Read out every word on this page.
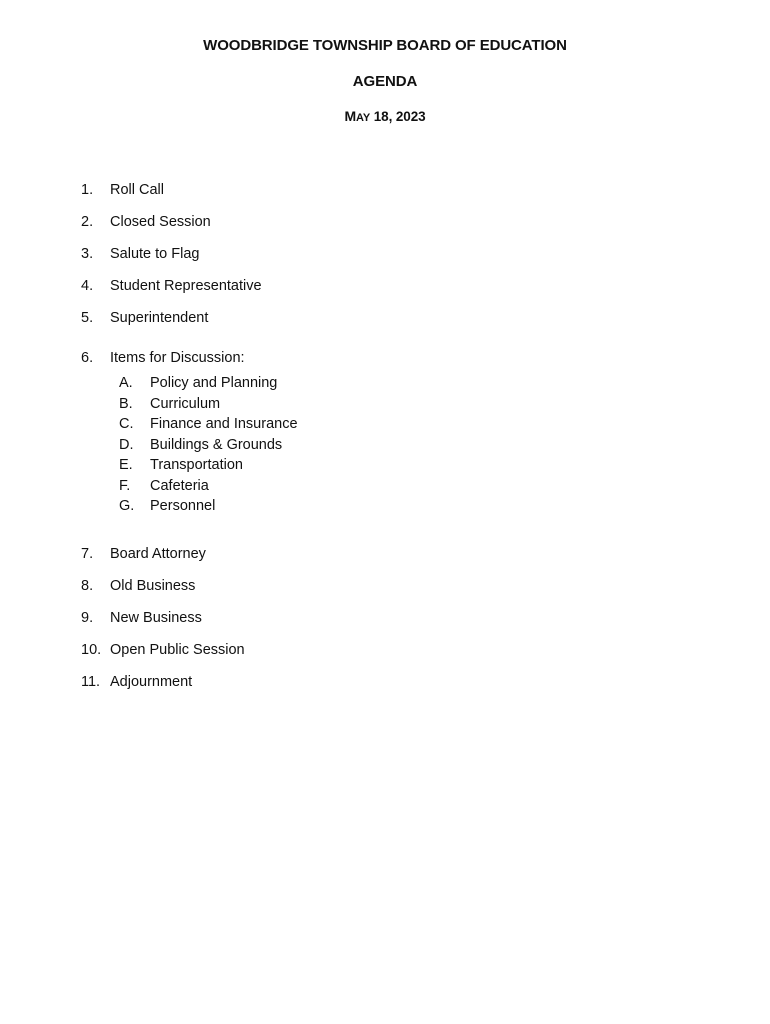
WOODBRIDGE TOWNSHIP BOARD OF EDUCATION
AGENDA
MAY 18, 2023
1. Roll Call
2. Closed Session
3. Salute to Flag
4. Student Representative
5. Superintendent
6. Items for Discussion:
A. Policy and Planning
B. Curriculum
C. Finance and Insurance
D. Buildings & Grounds
E. Transportation
F. Cafeteria
G. Personnel
7. Board Attorney
8. Old Business
9. New Business
10. Open Public Session
11. Adjournment
